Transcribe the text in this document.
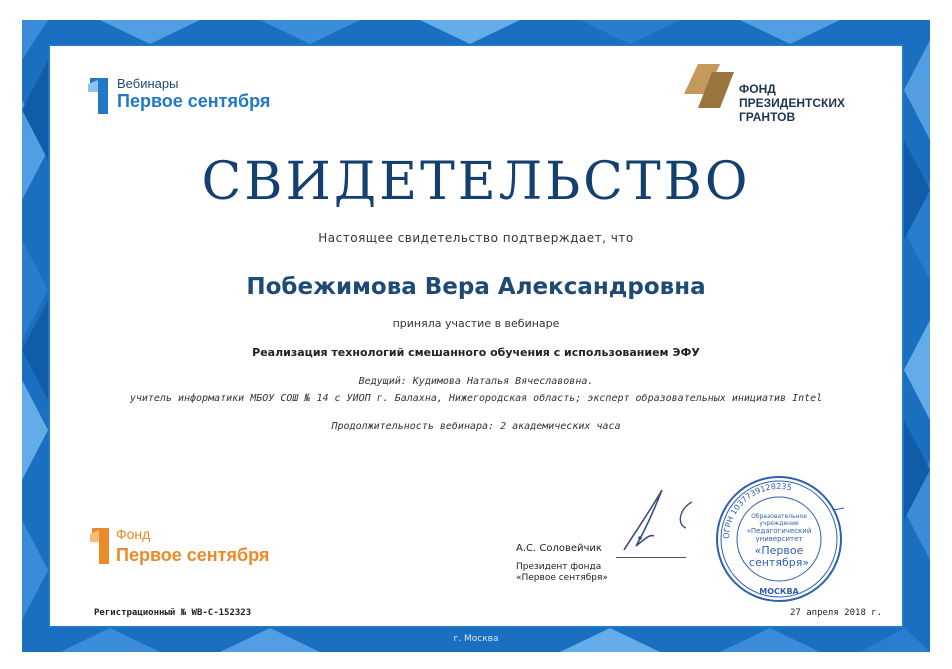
Вебинары
Первое сентября
ФОНД
ПРЕЗИДЕНТСКИХ
ГРАНТОВ
СВИДЕТЕЛЬСТВО
Настоящее свидетельство подтверждает, что
Побежимова Вера Александровна
приняла участие в вебинаре
Реализация технологий смешанного обучения с использованием ЭФУ
Ведущий: Кудимова Наталья Вячеславовна.
учитель информатики МБОУ СОШ № 14 с УИОП г. Балахна, Нижегородская область; эксперт образовательных инициатив Intel
Продолжительность вебинара: 2 академических часа
Фонд
Первое сентября	А.С. Соловейчик
Президент фонда
«Первое сентября»
ОГРН 1037739128235
МОСКВА
Образовательное
учреждение
«Педагогический
университет
«Первое
сентября»
Регистрационный № WB-C-152323	27 апреля 2018 г.
г. Москва
